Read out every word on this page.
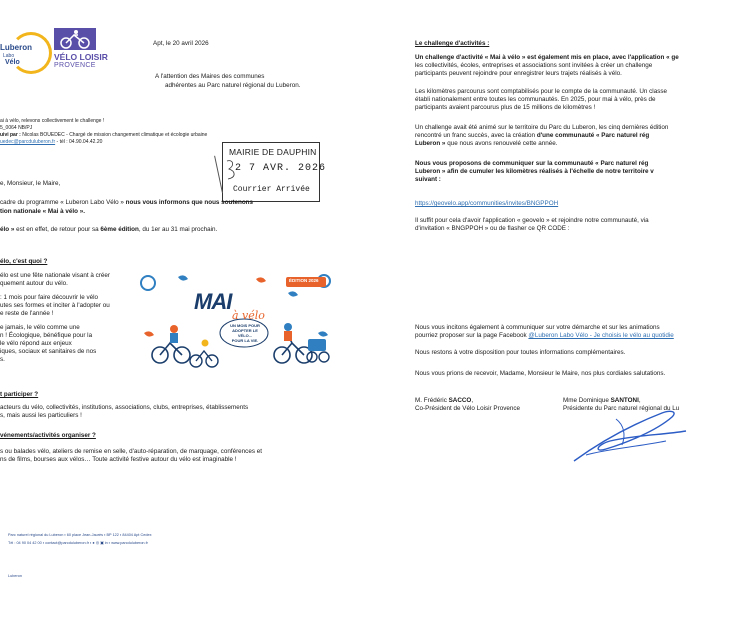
Luberon
Labo
Vélo
VÉLO LOISIR
PROVENCE

Apt, le 20 avril 2026

A l'attention des Maires des communes

adhérentes au Parc naturel régional du Luberon.

ai à vélo, relevons collectivement le challenge !

5_0064 NB/PJ

uivi par : Nicolas BOUEDEC - Chargé de mission changement climatique et écologie urbaine

uedec@parcduluberon.fr - tél : 04.90.04.42.20

MAIRIE DE DAUPHIN
2 7 AVR. 2026
Courrier Arrivée

e, Monsieur, le Maire,

cadre du programme « Luberon Labo Vélo » nous vous informons que nous soutenons

tion nationale « Mai à vélo ».

élo » est en effet, de retour pour sa 6ème édition, du 1er au 31 mai prochain.

élo, c'est quoi ?

élo est une fête nationale visant à créer
quement autour du vélo.
: 1 mois pour faire découvrir le vélo
utes ses formes et inciter à l'adopter ou
e reste de l'année !
e jamais, le vélo comme une
n ! Écologique, bénéfique pour la
le vélo répond aux enjeux
iques, sociaux et sanitaires de nos
s.
MAI
à vélo
ÉDITION 2026
UN MOIS POUR
ADOPTER LE VÉLO...
POUR LA VIE.

t participer ?

acteurs du vélo, collectivités, institutions, associations, clubs, entreprises, établissements
s, mais aussi les particuliers !

vénements/activités organiser ?

s ou balades vélo, ateliers de remise en selle, d'auto-réparation, de marquage, conférences et
ns de films, bourses aux vélos… Toute activité festive autour du vélo est imaginable !

Parc naturel régional du Luberon ▪ 60 place Jean-Jaurès ▪ BP 122 ▪ 84404 Apt Cedex

Tél : 04 90 04 42 00 ▪ contact@parcduluberon.fr ▪ ● ◎ ▣ in ▪ www.parcduluberon.fr

Luberon

Le challenge d'activités :

Un challenge d'activité « Mai à vélo » est également mis en place, avec l'application « ge
les collectivités, écoles, entreprises et associations sont invitées à créer un challenge
participants peuvent rejoindre pour enregistrer leurs trajets réalisés à vélo.
Les kilomètres parcourus sont comptabilisés pour le compte de la communauté. Un classe
établi nationalement entre toutes les communautés. En 2025, pour mai à vélo, près de
participants avaient parcourus plus de 15 millions de kilomètres !
Un challenge avait été animé sur le territoire du Parc du Luberon, les cinq dernières édition
rencontré un franc succès, avec la création d'une communauté « Parc naturel rég
Luberon » que nous avons renouvelé cette année.
Nous vous proposons de communiquer sur la communauté « Parc naturel rég
Luberon » afin de cumuler les kilomètres réalisés à l'échelle de notre territoire v
suivant :

https://geovelo.app/communities/invites/BNGPPOH

Il suffit pour cela d'avoir l'application « geovelo » et rejoindre notre communauté, via
d'invitation « BNGPPOH » ou de flasher ce QR CODE :
Nous vous incitons également à communiquer sur votre démarche et sur les animations
pourriez proposer sur la page Facebook @Luberon Labo Vélo - Je choisis le vélo au quotidie

Nous restons à votre disposition pour toutes informations complémentaires.

Nous vous prions de recevoir, Madame, Monsieur le Maire, nos plus cordiales salutations.

M. Frédéric SACCO,
Co-Président de Vélo Loisir Provence
Mme Dominique SANTONI,
Présidente du Parc naturel régional du Lu
